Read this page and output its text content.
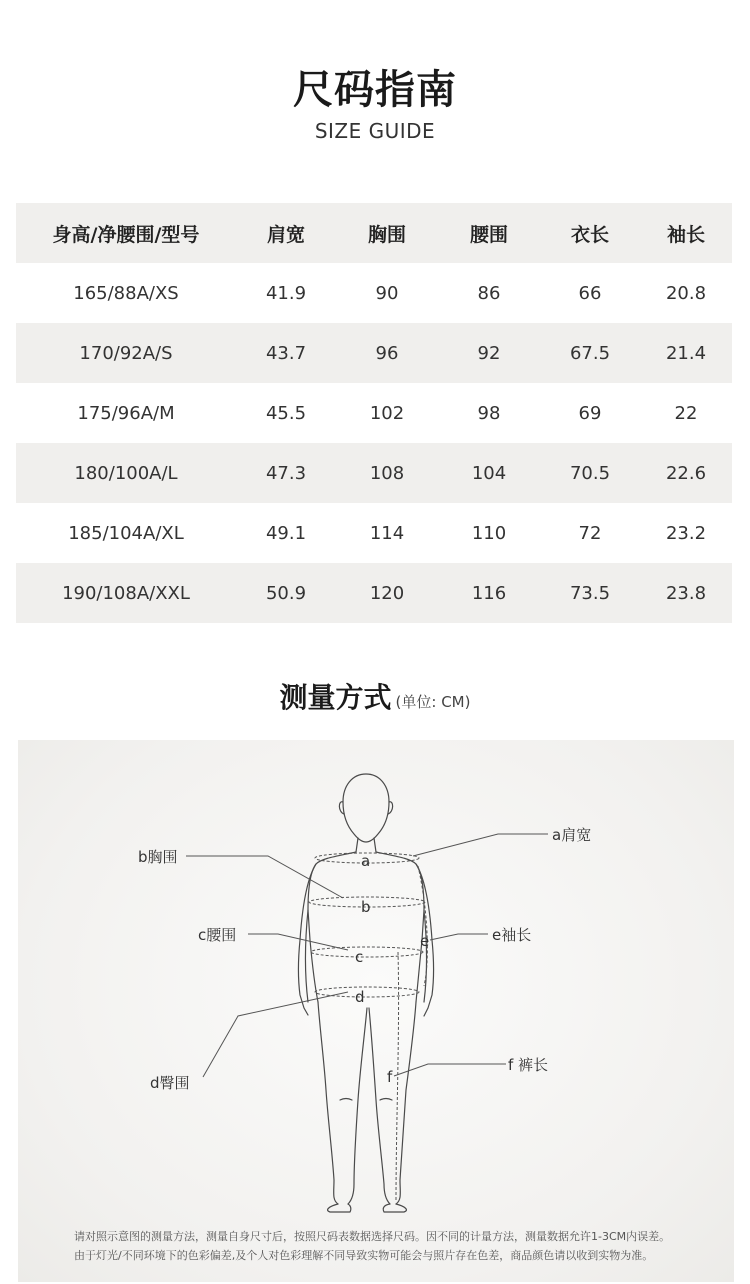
尺码指南
SIZE GUIDE
身高/净腰围/型号	肩宽	胸围	腰围	衣长	袖长
165/88A/XS	41.9	90	86	66	20.8
170/92A/S	43.7	96	92	67.5	21.4
175/96A/M	45.5	102	98	69	22
180/100A/L	47.3	108	104	70.5	22.6
185/104A/XL	49.1	114	110	72	23.2
190/108A/XXL	50.9	120	116	73.5	23.8
测量方式 (单位: CM)
a肩宽
b胸围
c腰围
d臀围
e袖长
f 裤长
a
b
c
d
e
f
请对照示意图的测量方法，测量自身尺寸后，按照尺码表数据选择尺码。因不同的计量方法，测量数据允许1-3CM内误差。
由于灯光/不同环境下的色彩偏差,及个人对色彩理解不同导致实物可能会与照片存在色差，商品颜色请以收到实物为准。
